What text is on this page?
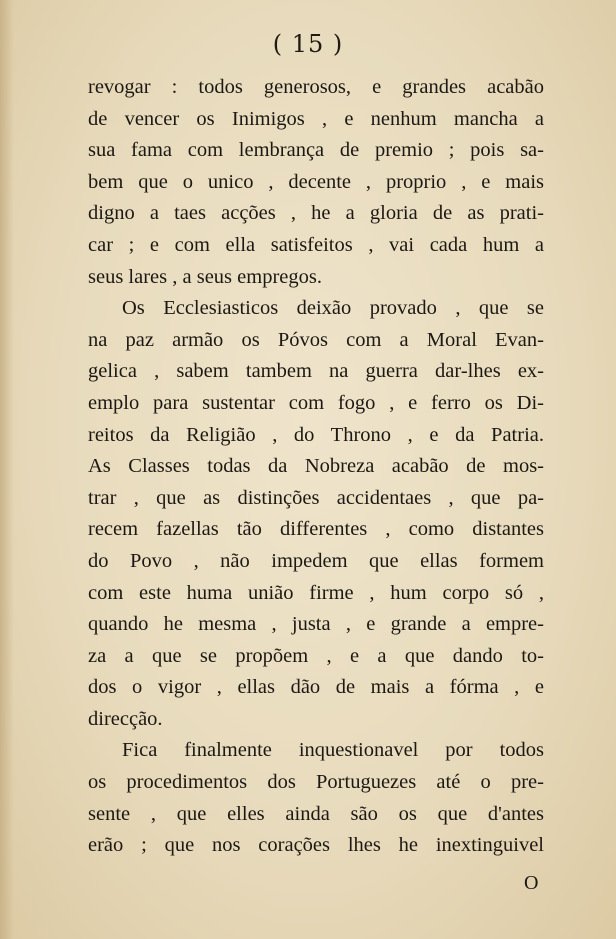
( 15 )
revogar : todos generosos, e grandes acabão
de vencer os Inimigos , e nenhum mancha a
sua fama com lembrança de premio ; pois sa-
bem que o unico , decente , proprio , e mais
digno a taes acções , he a gloria de as prati-
car ; e com ella satisfeitos , vai cada hum a
seus lares , a seus empregos.
Os Ecclesiasticos deixão provado , que se
na paz armão os Póvos com a Moral Evan-
gelica , sabem tambem na guerra dar-lhes ex-
emplo para sustentar com fogo , e ferro os Di-
reitos da Religião , do Throno , e da Patria.
As Classes todas da Nobreza acabão de mos-
trar , que as distinções accidentaes , que pa-
recem fazellas tão differentes , como distantes
do Povo , não impedem que ellas formem
com este huma união firme , hum corpo só ,
quando he mesma , justa , e grande a empre-
za a que se propõem , e a que dando to-
dos o vigor , ellas dão de mais a fórma , e
direcção.
Fica finalmente inquestionavel por todos
os procedimentos dos Portuguezes até o pre-
sente , que elles ainda são os que d'antes
erão ; que nos corações lhes he inextinguivel
O
